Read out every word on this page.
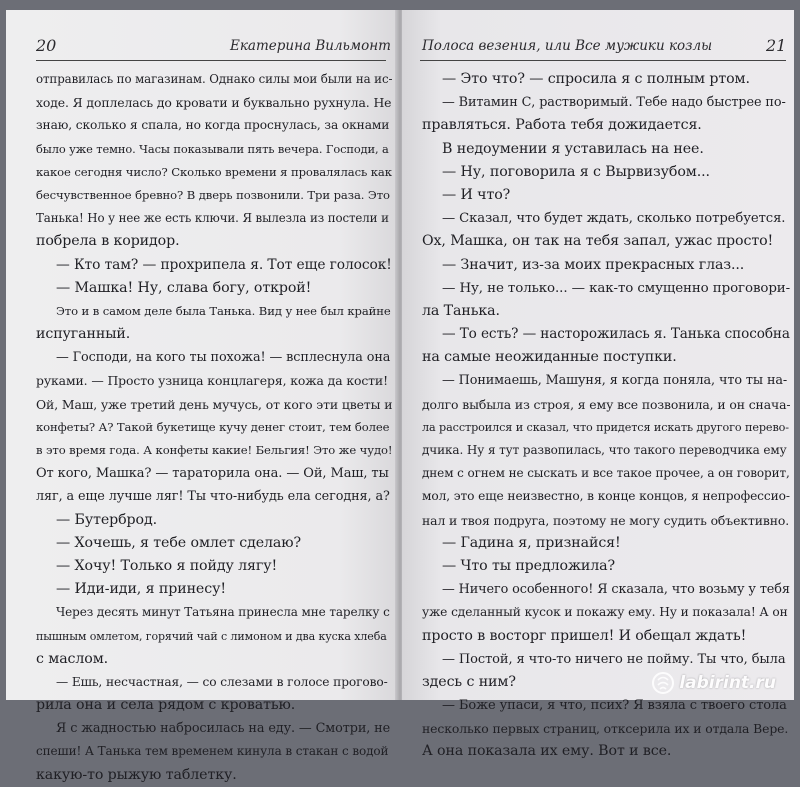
20	Екатерина Вильмонт
отправилась по магазинам. Однако силы мои были на ис-
ходе. Я доплелась до кровати и буквально рухнула. Не
знаю, сколько я спала, но когда проснулась, за окнами
было уже темно. Часы показывали пять вечера. Господи, а
какое сегодня число? Сколько времени я провалялась как
бесчувственное бревно? В дверь позвонили. Три раза. Это
Танька! Но у нее же есть ключи. Я вылезла из постели и
побрела в коридор.
— Кто там? — прохрипела я. Тот еще голосок!
— Машка! Ну, слава богу, открой!
Это и в самом деле была Танька. Вид у нее был крайне
испуганный.
— Господи, на кого ты похожа! — всплеснула она
руками. — Просто узница концлагеря, кожа да кости!
Ой, Маш, уже третий день мучусь, от кого эти цветы и
конфеты? А? Такой букетище кучу денег стоит, тем более
в это время года. А конфеты какие! Бельгия! Это же чудо!
От кого, Машка? — тараторила она. — Ой, Маш, ты
ляг, а еще лучше ляг! Ты что-нибудь ела сегодня, а?
— Бутерброд.
— Хочешь, я тебе омлет сделаю?
— Хочу! Только я пойду лягу!
— Иди-иди, я принесу!
Через десять минут Татьяна принесла мне тарелку с
пышным омлетом, горячий чай с лимоном и два куска хлеба
с маслом.
— Ешь, несчастная, — со слезами в голосе прогово-
рила она и села рядом с кроватью.
Я с жадностью набросилась на еду. — Смотри, не
спеши! А Танька тем временем кинула в стакан с водой
какую-то рыжую таблетку.
Полоса везения, или Все мужики козлы	21
— Это что? — спросила я с полным ртом.
— Витамин С, растворимый. Тебе надо быстрее по-
правляться. Работа тебя дожидается.
В недоумении я уставилась на нее.
— Ну, поговорила я с Вырвизубом...
— И что?
— Сказал, что будет ждать, сколько потребуется.
Ох, Машка, он так на тебя запал, ужас просто!
— Значит, из-за моих прекрасных глаз...
— Ну, не только... — как-то смущенно проговори-
ла Танька.
— То есть? — насторожилась я. Танька способна
на самые неожиданные поступки.
— Понимаешь, Машуня, я когда поняла, что ты на-
долго выбыла из строя, я ему все позвонила, и он снача-
ла расстроился и сказал, что придется искать другого перево-
дчика. Ну я тут развопилась, что такого переводчика ему
днем с огнем не сыскать и все такое прочее, а он говорит,
мол, это еще неизвестно, в конце концов, я непрофессио-
нал и твоя подруга, поэтому не могу судить объективно.
— Гадина я, признайся!
— Что ты предложила?
— Ничего особенного! Я сказала, что возьму у тебя
уже сделанный кусок и покажу ему. Ну и показала! А он
просто в восторг пришел! И обещал ждать!
— Постой, я что-то ничего не пойму. Ты что, была
здесь с ним?
— Боже упаси, я что, псих? Я взяла с твоего стола
несколько первых страниц, откcерила их и отдала Вере.
А она показала их ему. Вот и все.
labirint.ru
